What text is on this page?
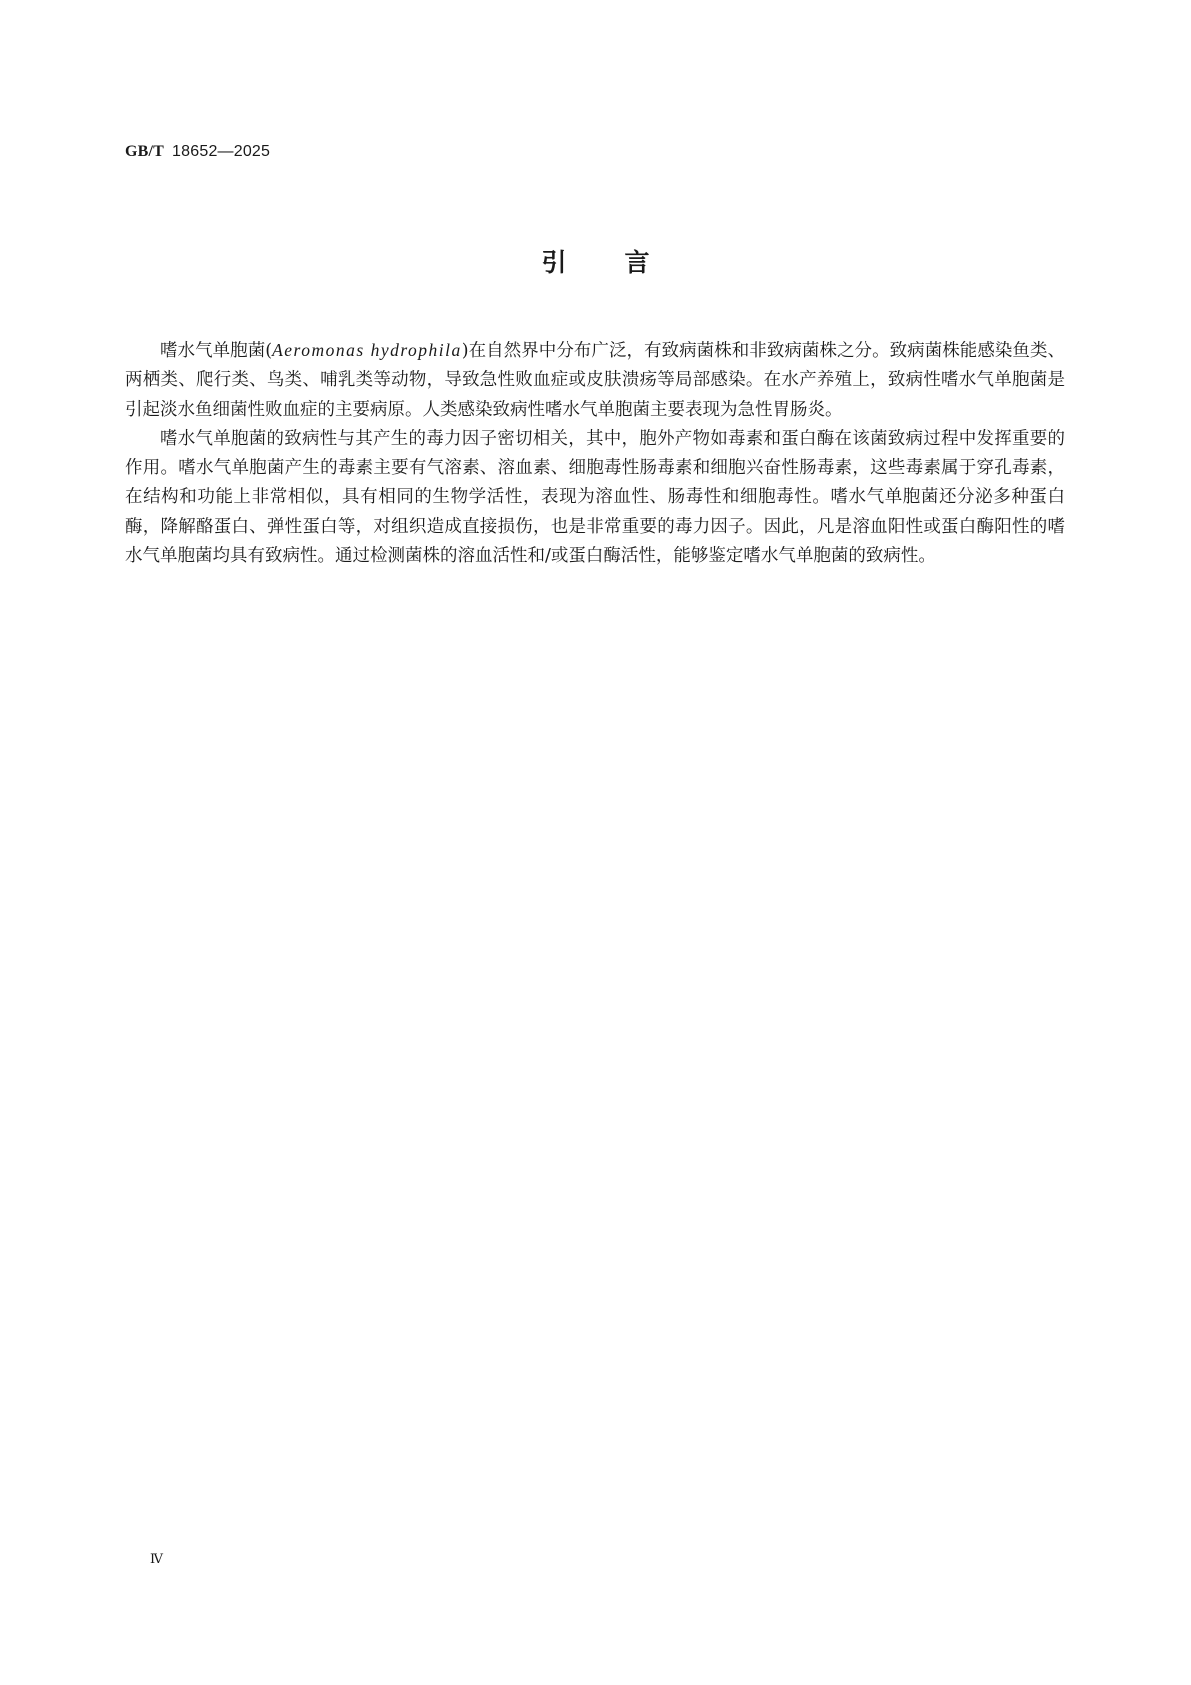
GB/T 18652—2025
引言

嗜水气单胞菌(Aeromonas hydrophila)在自然界中分布广泛，有致病菌株和非致病菌株之分。致病菌株能感染鱼类、两栖类、爬行类、鸟类、哺乳类等动物，导致急性败血症或皮肤溃疡等局部感染。在水产养殖上，致病性嗜水气单胞菌是引起淡水鱼细菌性败血症的主要病原。人类感染致病性嗜水气单胞菌主要表现为急性胃肠炎。

嗜水气单胞菌的致病性与其产生的毒力因子密切相关，其中，胞外产物如毒素和蛋白酶在该菌致病过程中发挥重要的作用。嗜水气单胞菌产生的毒素主要有气溶素、溶血素、细胞毒性肠毒素和细胞兴奋性肠毒素，这些毒素属于穿孔毒素，在结构和功能上非常相似，具有相同的生物学活性，表现为溶血性、肠毒性和细胞毒性。嗜水气单胞菌还分泌多种蛋白酶，降解酪蛋白、弹性蛋白等，对组织造成直接损伤，也是非常重要的毒力因子。因此，凡是溶血阳性或蛋白酶阳性的嗜水气单胞菌均具有致病性。通过检测菌株的溶血活性和/或蛋白酶活性，能够鉴定嗜水气单胞菌的致病性。

Ⅳ
